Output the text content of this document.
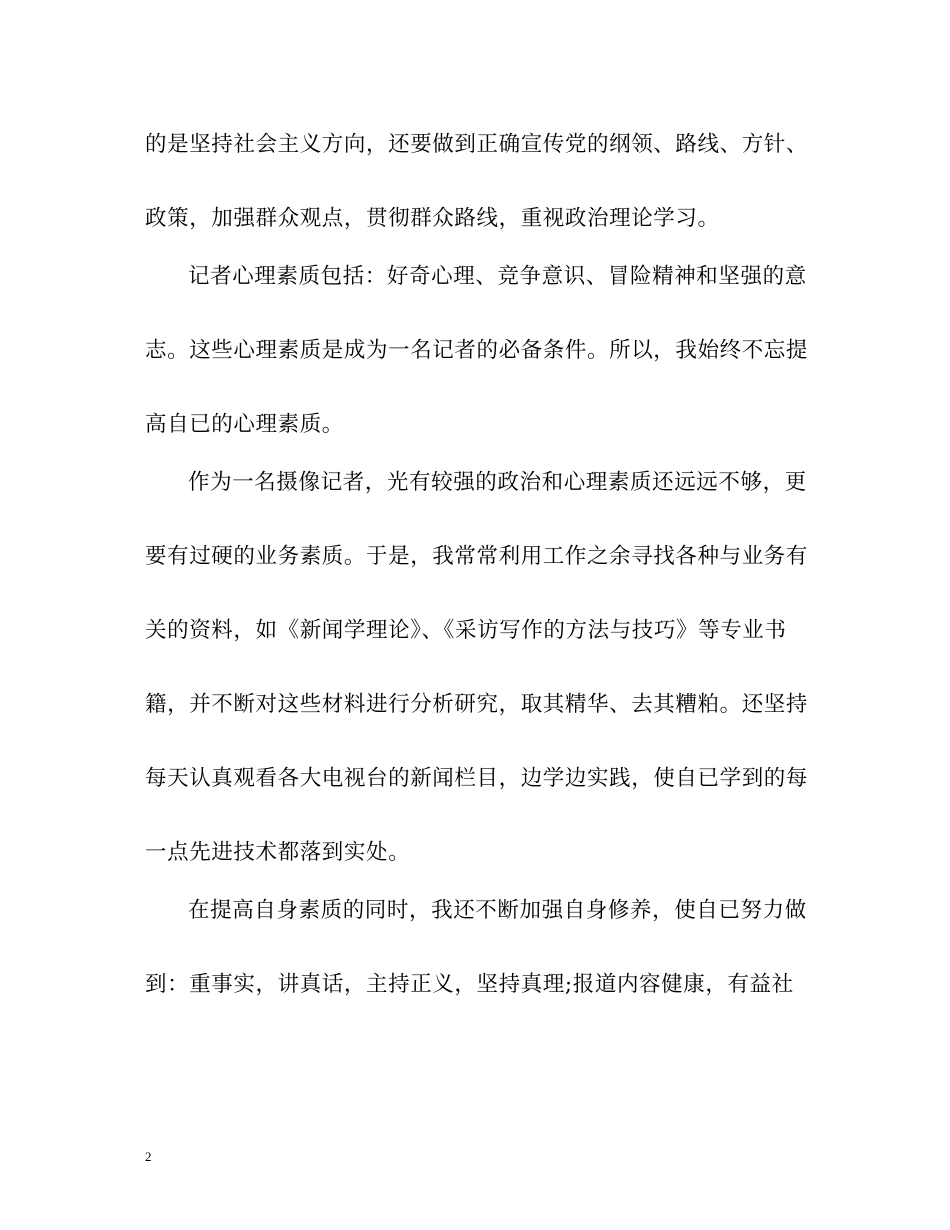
的是坚持社会主义方向，还要做到正确宣传党的纲领、路线、方针、
政策，加强群众观点，贯彻群众路线，重视政治理论学习。
记者心理素质包括：好奇心理、竞争意识、冒险精神和坚强的意
志。这些心理素质是成为一名记者的必备条件。所以，我始终不忘提
高自已的心理素质。
作为一名摄像记者，光有较强的政治和心理素质还远远不够，更
要有过硬的业务素质。于是，我常常利用工作之余寻找各种与业务有
关的资料，如《新闻学理论》、《采访写作的方法与技巧》等专业书
籍，并不断对这些材料进行分析研究，取其精华、去其糟粕。还坚持
每天认真观看各大电视台的新闻栏目，边学边实践，使自已学到的每
一点先进技术都落到实处。
在提高自身素质的同时，我还不断加强自身修养，使自已努力做
到：重事实，讲真话，主持正义，坚持真理;报道内容健康，有益社
2
